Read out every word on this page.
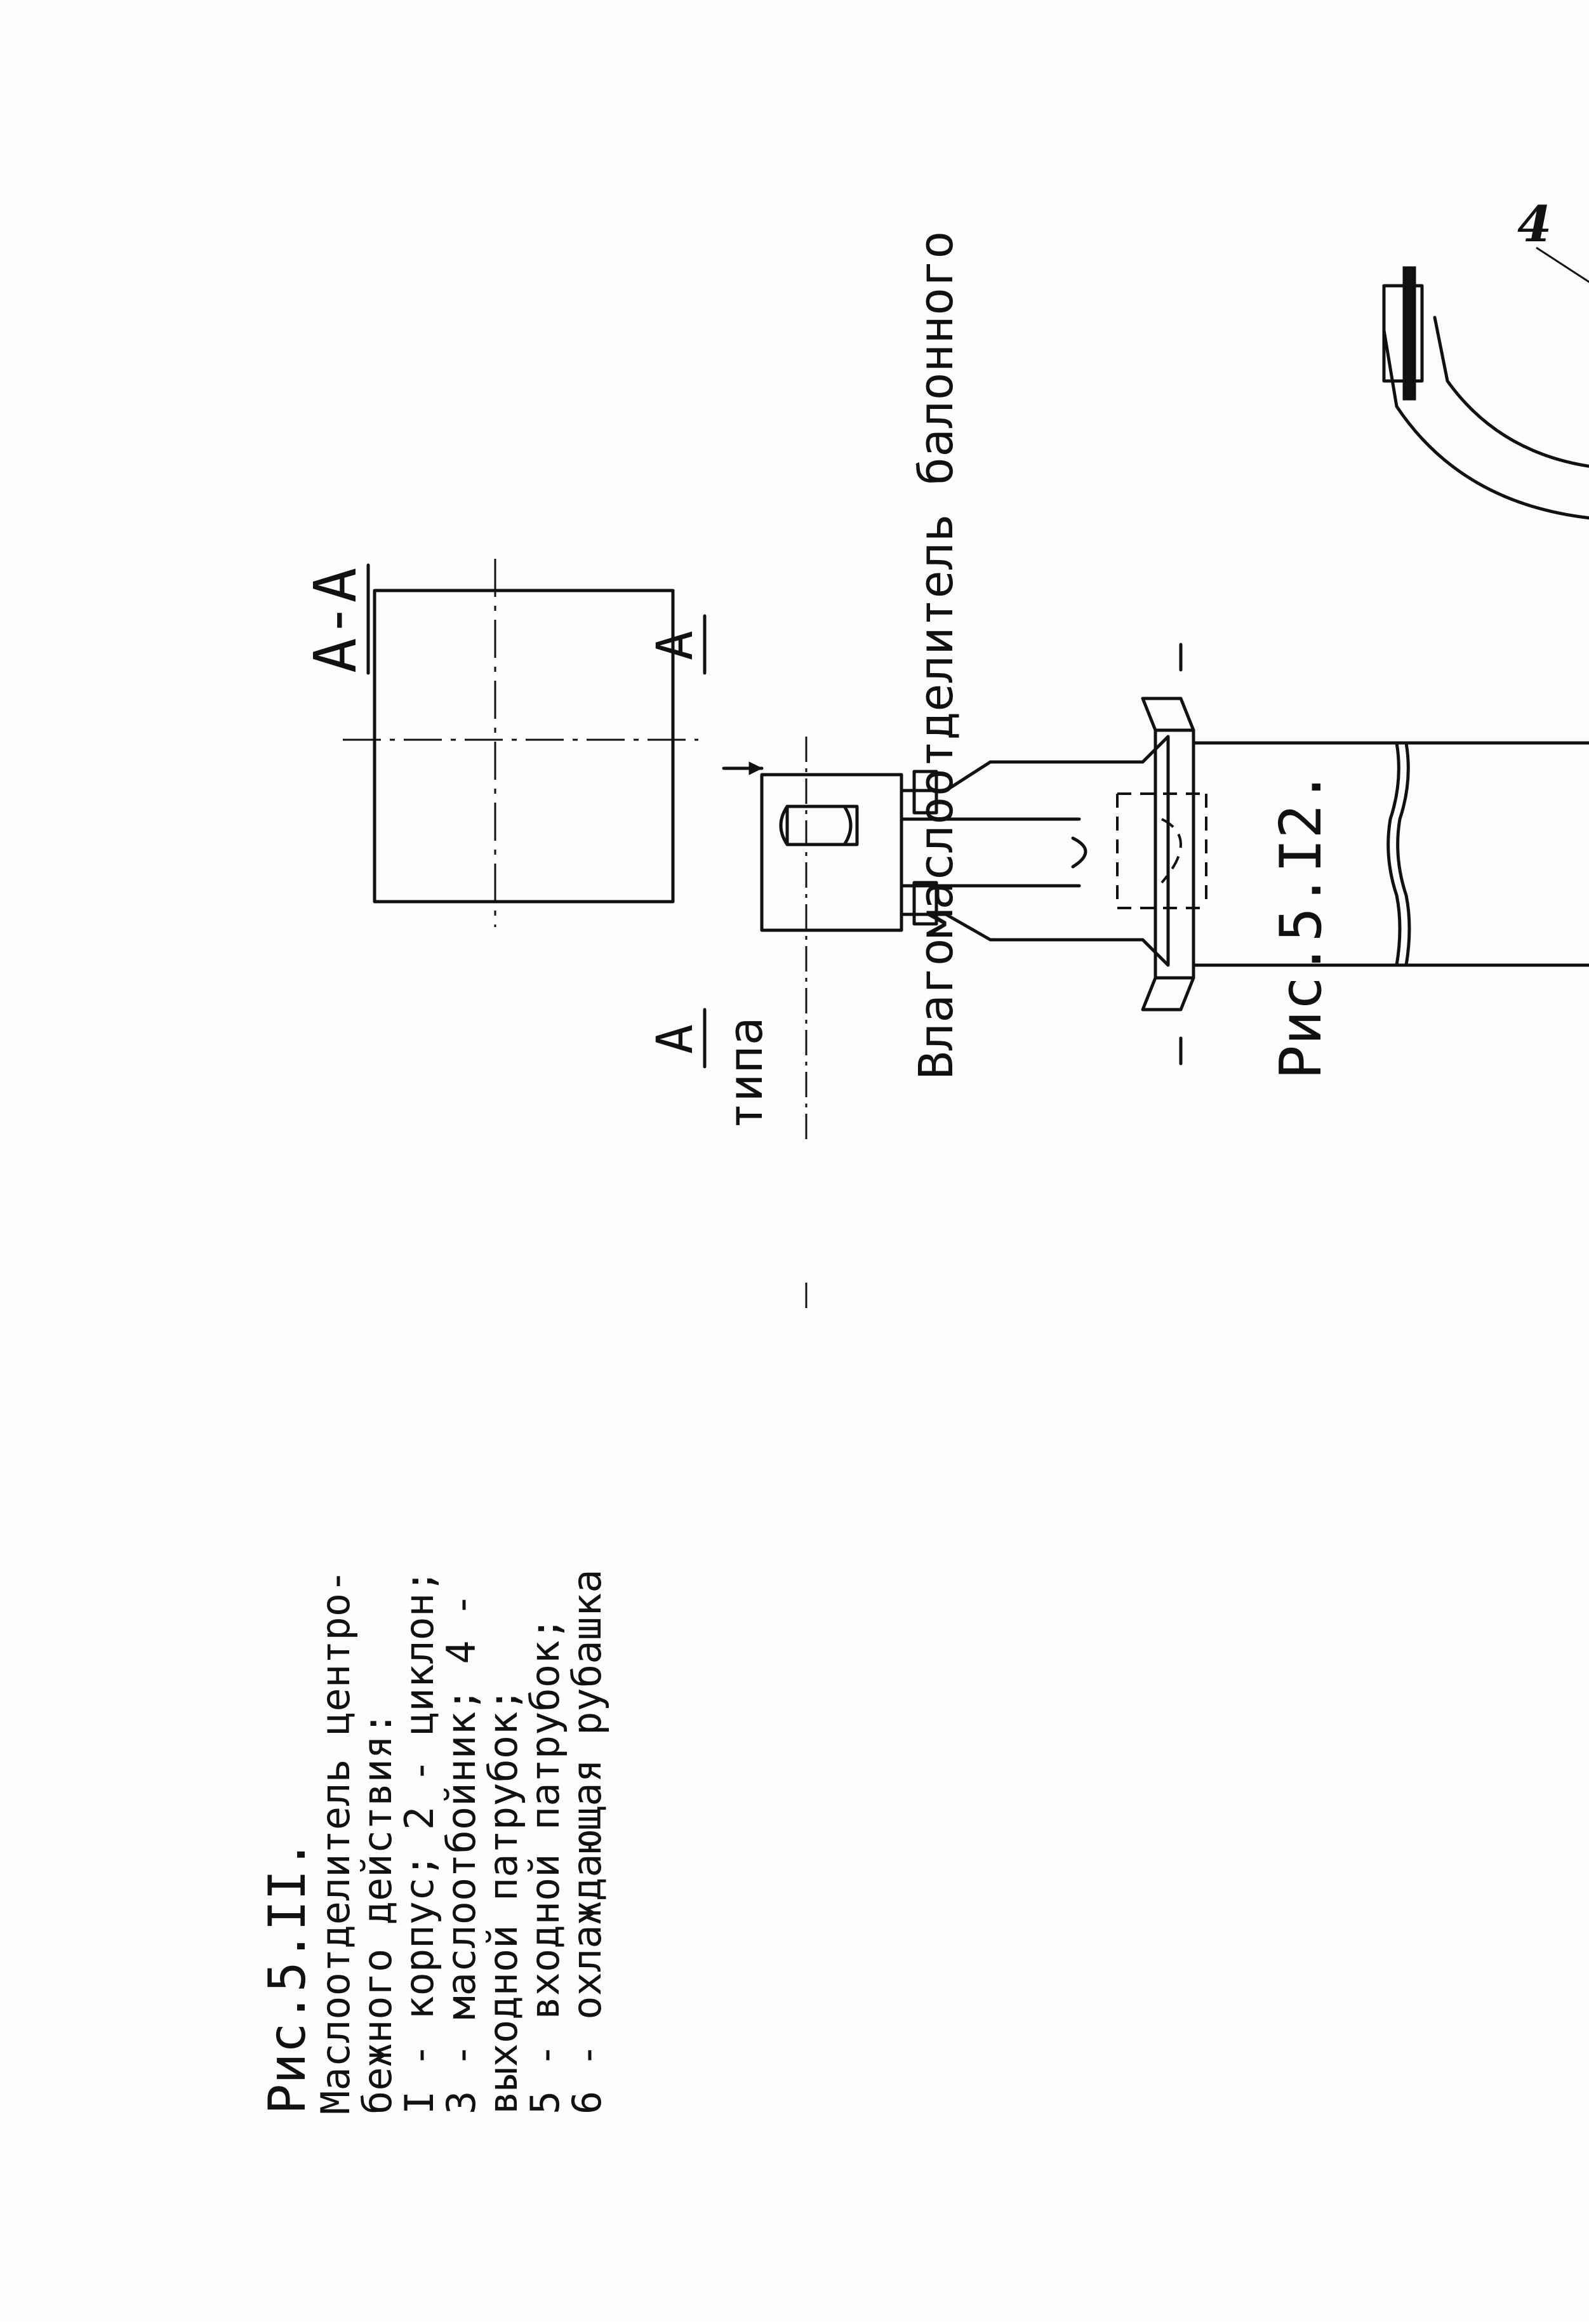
A
A
A-A
Рис.5.I2.
Влагомаслоотделитель балонного
типа
4
Рис.5.II.
Маслоотделитель центро-
бежного действия:
I - корпус; 2 - циклон;
3 - маслоотбойник; 4 -
выходной патрубок;
5 - входной патрубок;
6 - охлаждающая рубашка
